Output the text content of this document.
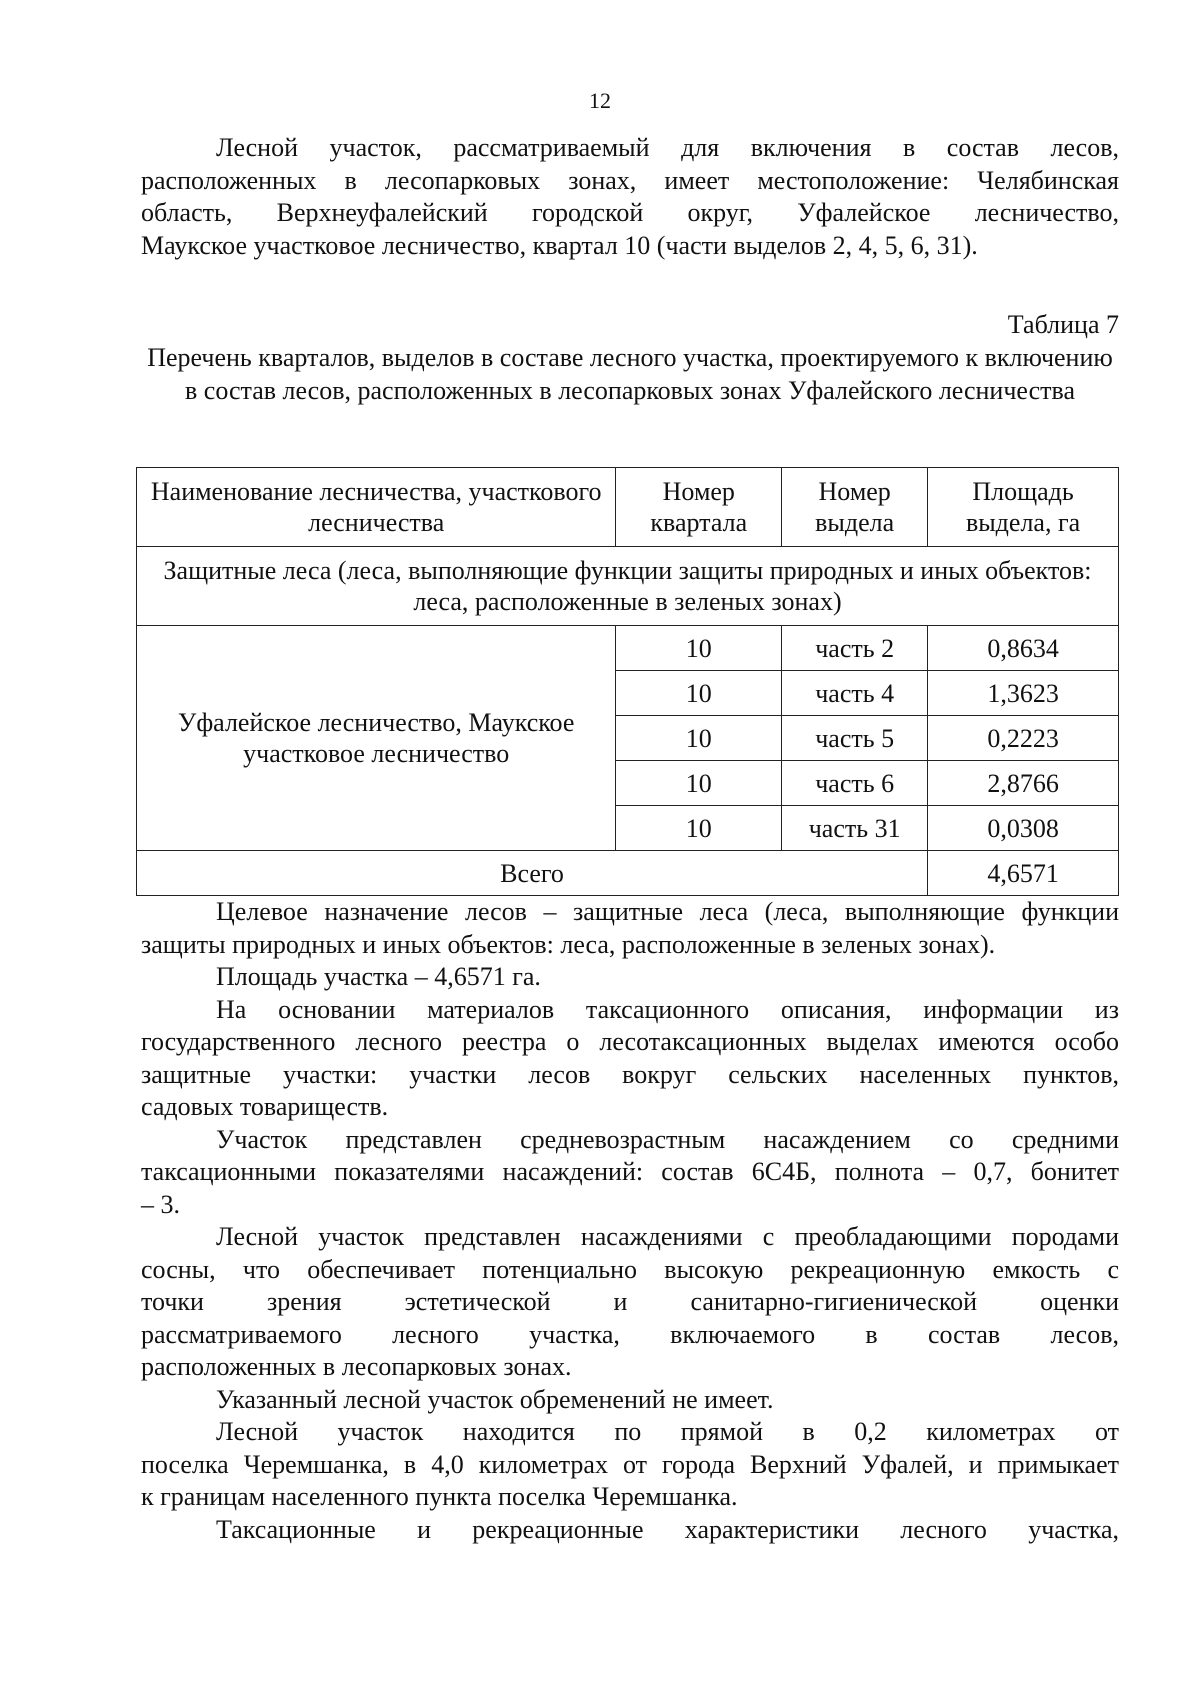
12
Лесной участок, рассматриваемый для включения в состав лесов,
расположенных в лесопарковых зонах, имеет местоположение: Челябинская
область, Верхнеуфалейский городской округ, Уфалейское лесничество,
Маукское участковое лесничество, квартал 10 (части выделов 2, 4, 5, 6, 31).
Таблица 7
Перечень кварталов, выделов в составе лесного участка, проектируемого к включению в состав лесов, расположенных в лесопарковых зонах Уфалейского лесничества
Наименование лесничества, участкового лесничества	Номер квартала	Номер выдела	Площадь выдела, га
Защитные леса (леса, выполняющие функции защиты природных и иных объектов: леса, расположенные в зеленых зонах)			
Уфалейское лесничество, Маукское участковое лесничество	10	часть 2	0,8634
	10	часть 4	1,3623
	10	часть 5	0,2223
	10	часть 6	2,8766
	10	часть 31	0,0308
Всего			4,6571
Целевое назначение лесов – защитные леса (леса, выполняющие функции
защиты природных и иных объектов: леса, расположенные в зеленых зонах).
Площадь участка – 4,6571 га.
На основании материалов таксационного описания, информации из
государственного лесного реестра о лесотаксационных выделах имеются особо
защитные участки: участки лесов вокруг сельских населенных пунктов,
садовых товариществ.
Участок представлен средневозрастным насаждением со средними
таксационными показателями насаждений: состав 6С4Б, полнота – 0,7, бонитет
– 3.
Лесной участок представлен насаждениями с преобладающими породами
сосны, что обеспечивает потенциально высокую рекреационную емкость с
точки зрения эстетической и санитарно-гигиенической оценки
рассматриваемого лесного участка, включаемого в состав лесов,
расположенных в лесопарковых зонах.
Указанный лесной участок обременений не имеет.
Лесной участок находится по прямой в 0,2 километрах от
поселка Черемшанка, в 4,0 километрах от города Верхний Уфалей, и примыкает
к границам населенного пункта поселка Черемшанка.
Таксационные и рекреационные характеристики лесного участка,
